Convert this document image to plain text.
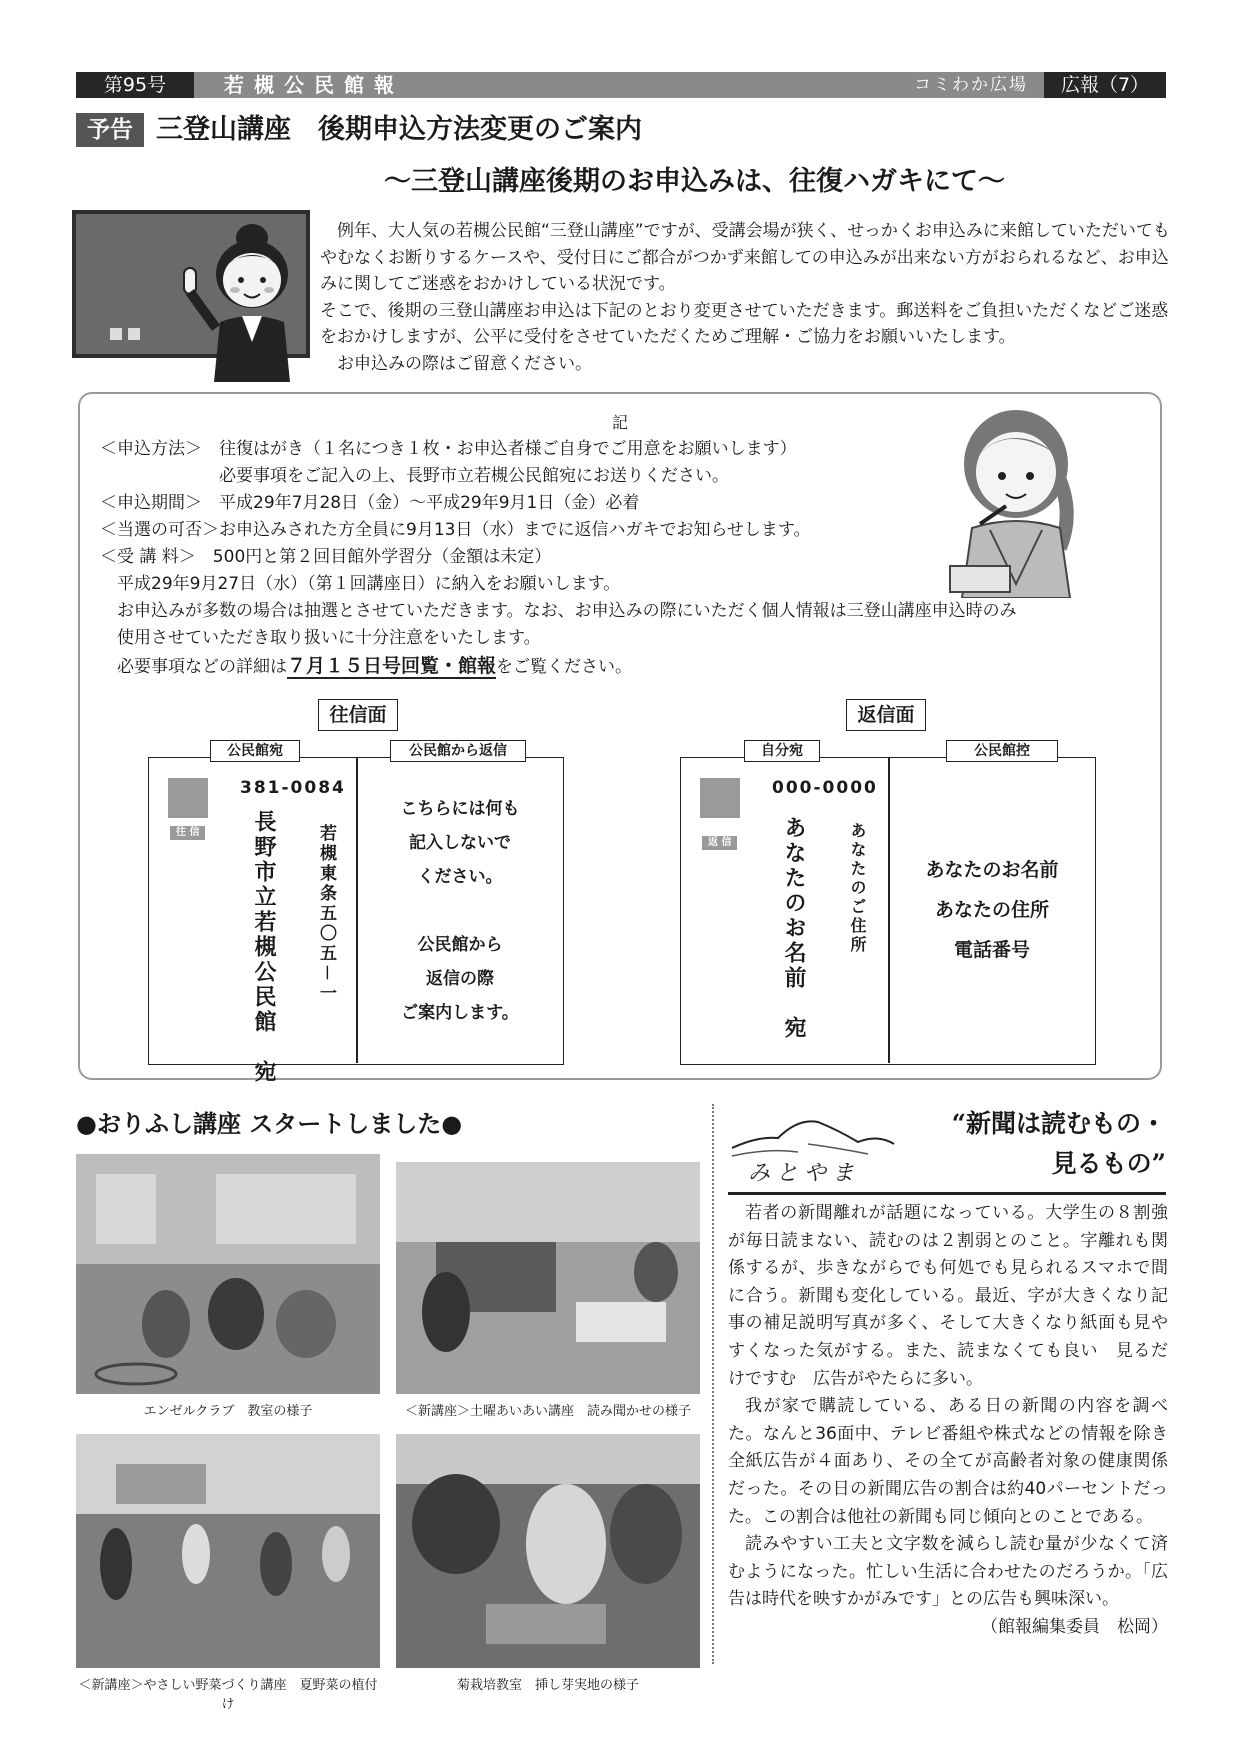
第95号	若槻公民館報	コミわか広場	広報（7）
予告 三登山講座　後期申込方法変更のご案内
～三登山講座後期のお申込みは、往復ハガキにて～

　例年、大人気の若槻公民館“三登山講座”ですが、受講会場が狭く、せっかくお申込みに来館していただいてもやむなくお断りするケースや、受付日にご都合がつかず来館しての申込みが出来ない方がおられるなど、お申込みに関してご迷惑をおかけしている状況です。

そこで、後期の三登山講座お申込は下記のとおり変更させていただきます。郵送料をご負担いただくなどご迷惑をおかけしますが、公平に受付をさせていただくためご理解・ご協力をお願いいたします。

　お申込みの際はご留意ください。

記
＜申込方法＞　往復はがき（１名につき１枚・お申込者様ご自身でご用意をお願いします）
　　　　　　　必要事項をご記入の上、長野市立若槻公民館宛にお送りください。
＜申込期間＞　平成29年7月28日（金）～平成29年9月1日（金）必着
＜当選の可否＞お申込みされた方全員に9月13日（水）までに返信ハガキでお知らせします。
＜受 講 料＞　500円と第２回目館外学習分（金額は未定）
　平成29年9月27日（水）（第１回講座日）に納入をお願いします。
　お申込みが多数の場合は抽選とさせていただきます。なお、お申込みの際にいただく個人情報は三登山講座申込時のみ
　使用させていただき取り扱いに十分注意をいたします。
　必要事項などの詳細は７月１５日号回覧・館報をご覧ください。
往信面
公民館宛	公民館から返信
往 信
381-0084
長野市立若槻公民館　宛 若槻東条五〇五－一
こちらには何も
記入しないで
ください。
公民館から
返信の際
ご案内します。
返信面
自分宛	公民館控
返 信
000-0000
あなたのお名前　宛	あなたのご住所	あなたのお名前
あなたの住所
電話番号
●おりふし講座 スタートしました●
エンゼルクラブ　教室の様子	＜新講座＞土曜あいあい講座　読み聞かせの様子
＜新講座＞やさしい野菜づくり講座　夏野菜の植付け
菊栽培教室　挿し芽実地の様子
みとやま
“新聞は読むもの・
見るもの”

若者の新聞離れが話題になっている。大学生の８割強が毎日読まない、読むのは２割弱とのこと。字離れも関係するが、歩きながらでも何処でも見られるスマホで間に合う。新聞も変化している。最近、字が大きくなり記事の補足説明写真が多く、そして大きくなり紙面も見やすくなった気がする。また、読まなくても良い　見るだけですむ　広告がやたらに多い。

我が家で購読している、ある日の新聞の内容を調べた。なんと36面中、テレビ番組や株式などの情報を除き全紙広告が４面あり、その全てが高齢者対象の健康関係だった。その日の新聞広告の割合は約40パーセントだった。この割合は他社の新聞も同じ傾向とのことである。

読みやすい工夫と文字数を減らし読む量が少なくて済むようになった。忙しい生活に合わせたのだろうか。「広告は時代を映すかがみです」との広告も興味深い。

（館報編集委員　松岡）
